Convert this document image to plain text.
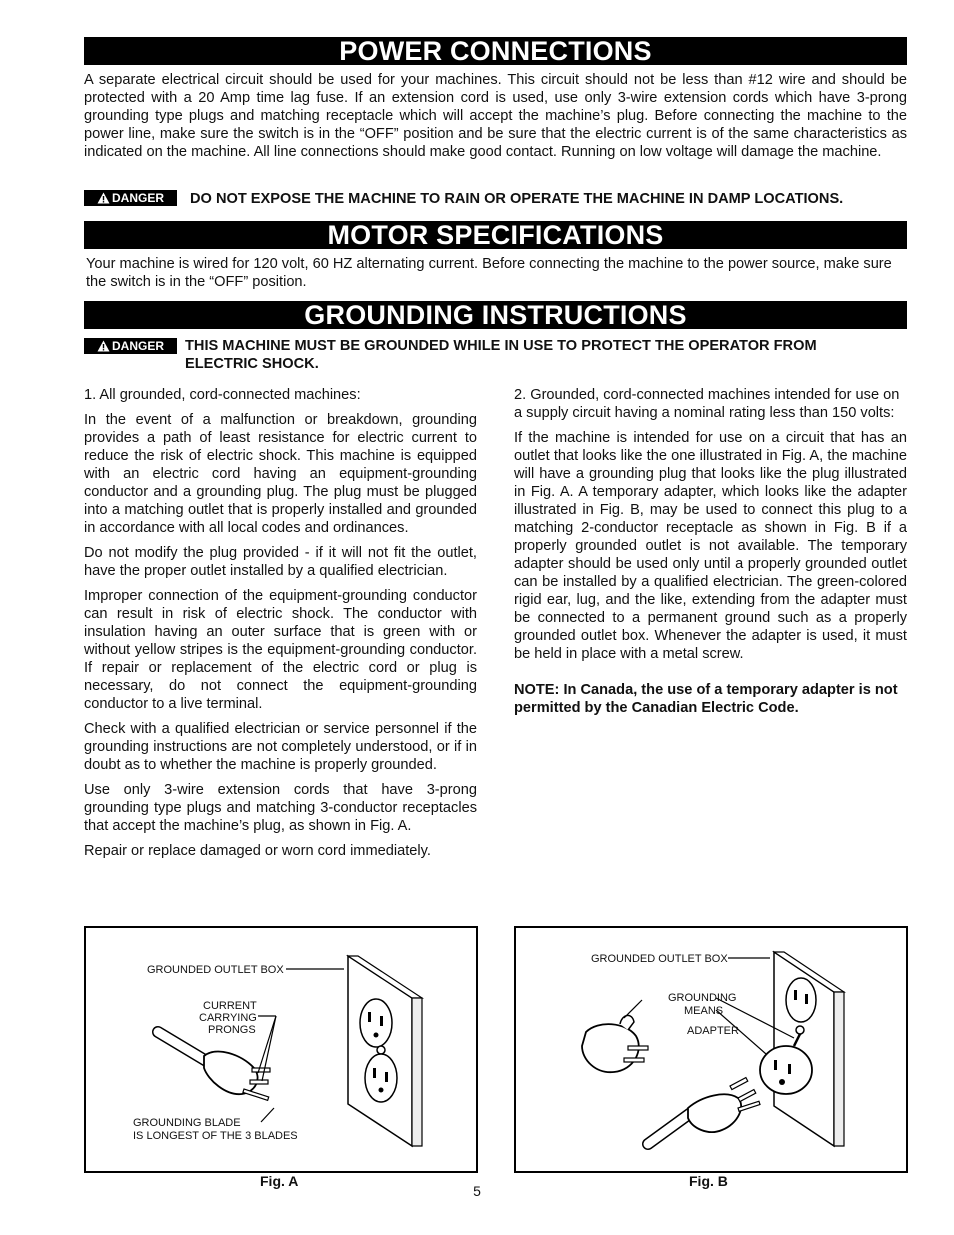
POWER CONNECTIONS

A separate electrical circuit should be used for your machines. This circuit should not be less than #12 wire and should be protected with a 20 Amp time lag fuse. If an extension cord is used, use only 3-wire extension cords which have 3-prong grounding type plugs and matching receptacle which will accept the machine’s plug. Before connecting the machine to the power line, make sure the switch is in the “OFF” position and be sure that the electric current is of the same characteristics as indicated on the machine. All line connections should make good contact. Running on low voltage will damage the machine.

DANGER DO NOT EXPOSE THE MACHINE TO RAIN OR OPERATE THE MACHINE IN DAMP LOCATIONS.
MOTOR SPECIFICATIONS

Your machine is wired for 120 volt, 60 HZ alternating current. Before connecting the machine to the power source, make sure the switch is in the “OFF” position.

GROUNDING INSTRUCTIONS
DANGER THIS MACHINE MUST BE GROUNDED WHILE IN USE TO PROTECT THE OPERATOR FROM ELECTRIC SHOCK.

1. All grounded, cord-connected machines:

In the event of a malfunction or breakdown, grounding provides a path of least resistance for electric current to reduce the risk of electric shock. This machine is equipped with an electric cord having an equipment-grounding conductor and a grounding plug. The plug must be plugged into a matching outlet that is properly installed and grounded in accordance with all local codes and ordinances.

Do not modify the plug provided - if it will not fit the outlet, have the proper outlet installed by a qualified electrician.

Improper connection of the equipment-grounding conductor can result in risk of electric shock. The conductor with insulation having an outer surface that is green with or without yellow stripes is the equipment-grounding conductor. If repair or replacement of the electric cord or plug is necessary, do not connect the equipment-grounding conductor to a live terminal.

Check with a qualified electrician or service personnel if the grounding instructions are not completely understood, or if in doubt as to whether the machine is properly grounded.

Use only 3-wire extension cords that have 3-prong grounding type plugs and matching 3-conductor receptacles that accept the machine’s plug, as shown in Fig. A.

Repair or replace damaged or worn cord immediately.

2. Grounded, cord-connected machines intended for use on a supply circuit having a nominal rating less than 150 volts:

If the machine is intended for use on a circuit that has an outlet that looks like the one illustrated in Fig. A, the machine will have a grounding plug that looks like the plug illustrated in Fig. A. A temporary adapter, which looks like the adapter illustrated in Fig. B, may be used to connect this plug to a matching 2-conductor receptacle as shown in Fig. B if a properly grounded outlet is not available. The temporary adapter should be used only until a properly grounded outlet can be installed by a qualified electrician. The green-colored rigid ear, lug, and the like, extending from the adapter must be connected to a permanent ground such as a properly grounded outlet box. Whenever the adapter is used, it must be held in place with a metal screw.

NOTE: In Canada, the use of a temporary adapter is not permitted by the Canadian Electric Code.

GROUNDED OUTLET BOX
CURRENT
CARRYING
PRONGS
GROUNDING BLADE
IS LONGEST OF THE 3 BLADES
Fig. A
GROUNDED OUTLET BOX
GROUNDING
MEANS
ADAPTER
Fig. B
5
